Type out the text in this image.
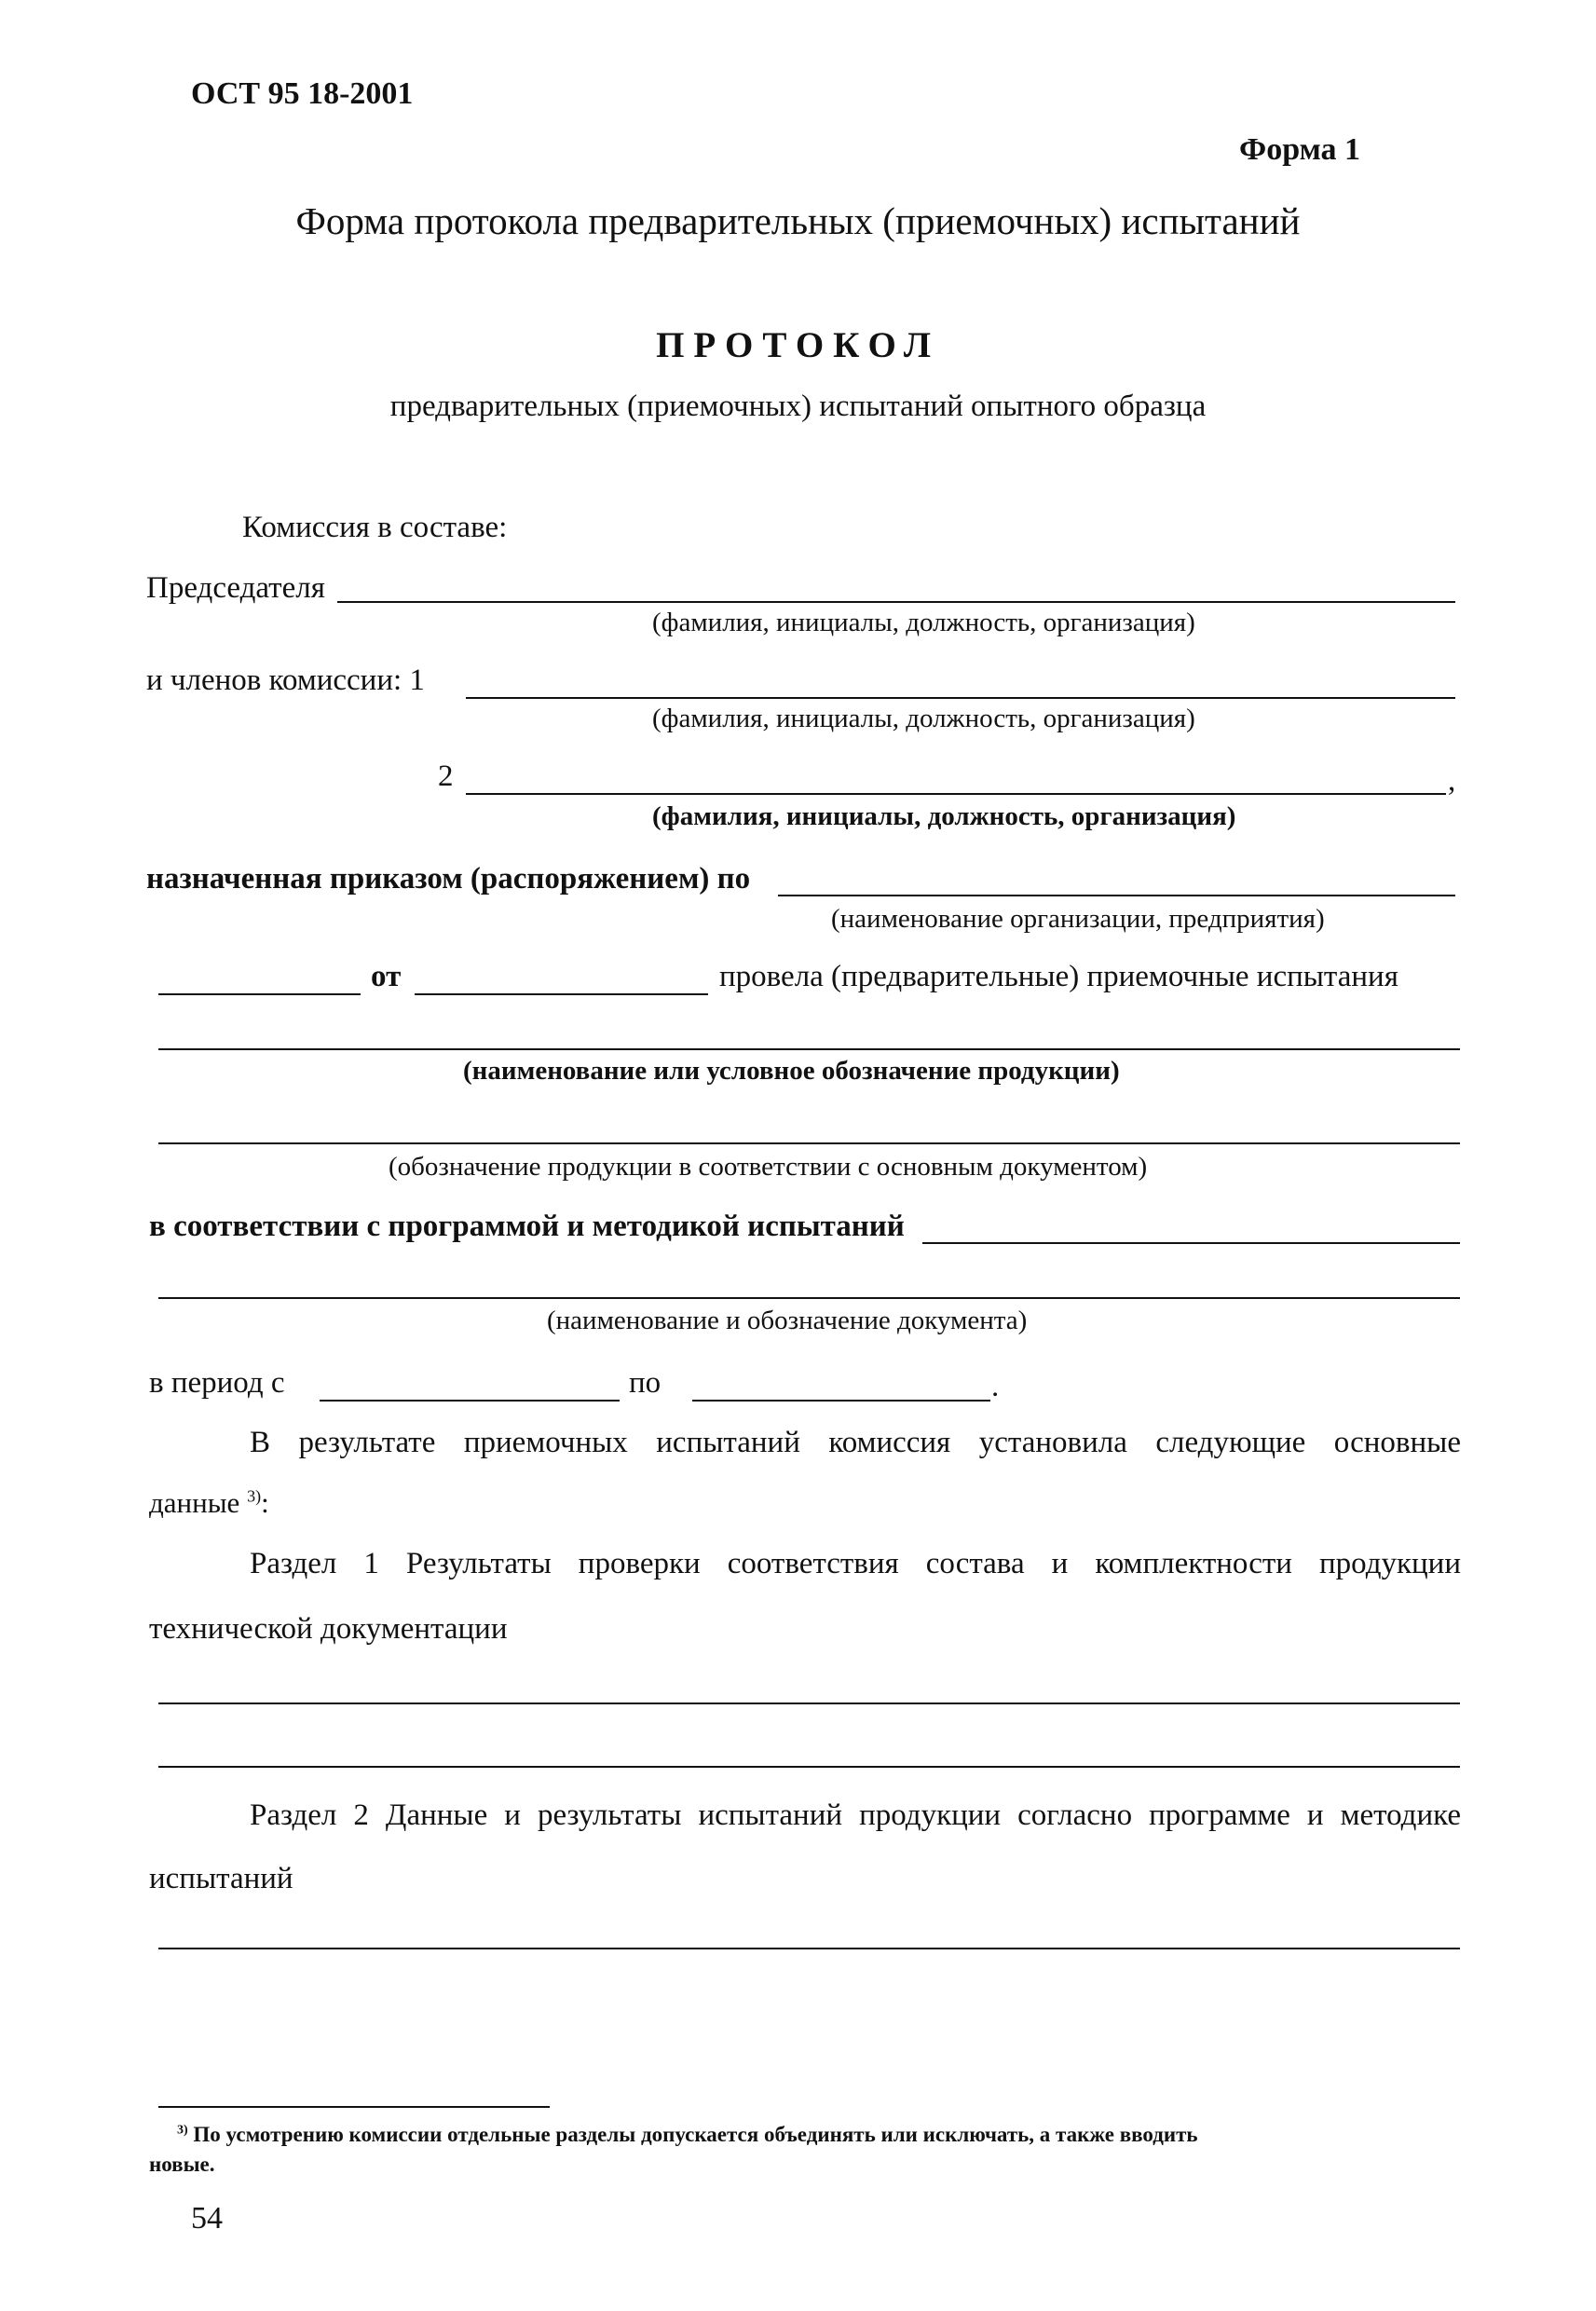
ОСТ 95 18-2001
Форма 1
Форма протокола предварительных (приемочных) испытаний
ПРОТОКОЛ
предварительных (приемочных) испытаний опытного образца
Комиссия в составе:
Председателя
(фамилия, инициалы, должность, организация)
и членов комиссии: 1
(фамилия, инициалы, должность, организация)
2	,
(фамилия, инициалы, должность, организация)
назначенная приказом (распоряжением) по
(наименование организации, предприятия)
от	провела (предварительные) приемочные испытания
(наименование или условное обозначение продукции)
(обозначение продукции в соответствии с основным документом)
в соответствии с программой и методикой испытаний
(наименование и обозначение документа)
в период с	по	.
В результате приемочных испытаний комиссия установила следующие основные
данные $^{3)}$:
Раздел 1 Результаты проверки соответствия состава и комплектности продукции
технической документации
Раздел 2 Данные и результаты испытаний продукции согласно программе и методике
испытаний
$^{3)}$ По усмотрению комиссии отдельные разделы допускается объединять или исключать, а также вводить
новые.
54
